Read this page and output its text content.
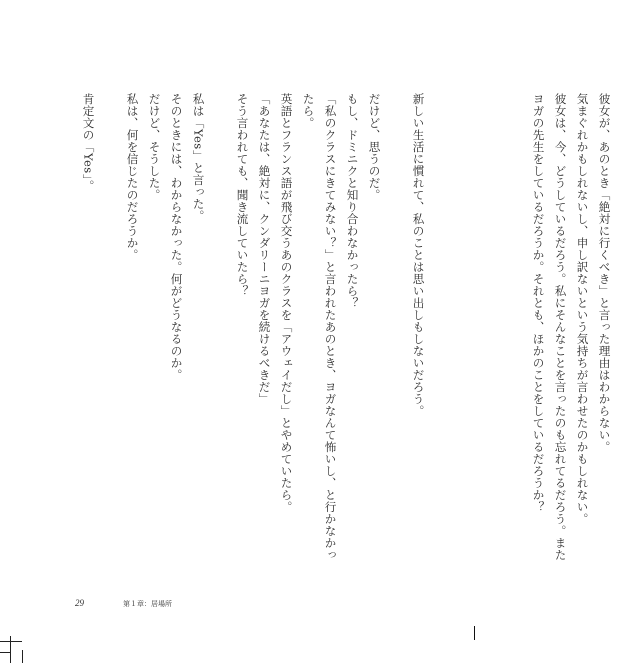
彼女が、あのとき「絶対に行くべき」と言った理由はわからない。
気まぐれかもしれないし、申し訳ないという気持ちが言わせたのかもしれない。
彼女は、今、どうしているだろう。私にそんなことを言ったのも忘れてるだろう。また
ヨガの先生をしているだろうか。それとも、ほかのことをしているだろうか？
新しい生活に慣れて、私のことは思い出しもしないだろう。
だけど、思うのだ。
もし、ドミニクと知り合わなかったら？
「私のクラスにきてみない？」と言われたあのとき、ヨガなんて怖いし、と行かなかっ
たら。
英語とフランス語が飛び交うあのクラスを「アウェイだし」とやめていたら。
「あなたは、絶対に、クンダリーニヨガを続けるべきだ」
そう言われても、聞き流していたら？
私は「Yes」と言った。
そのときには、わからなかった。何がどうなるのか。
だけど、そうした。
私は、何を信じたのだろうか。
肯定文の「Yes」。
29	第１章：居場所
